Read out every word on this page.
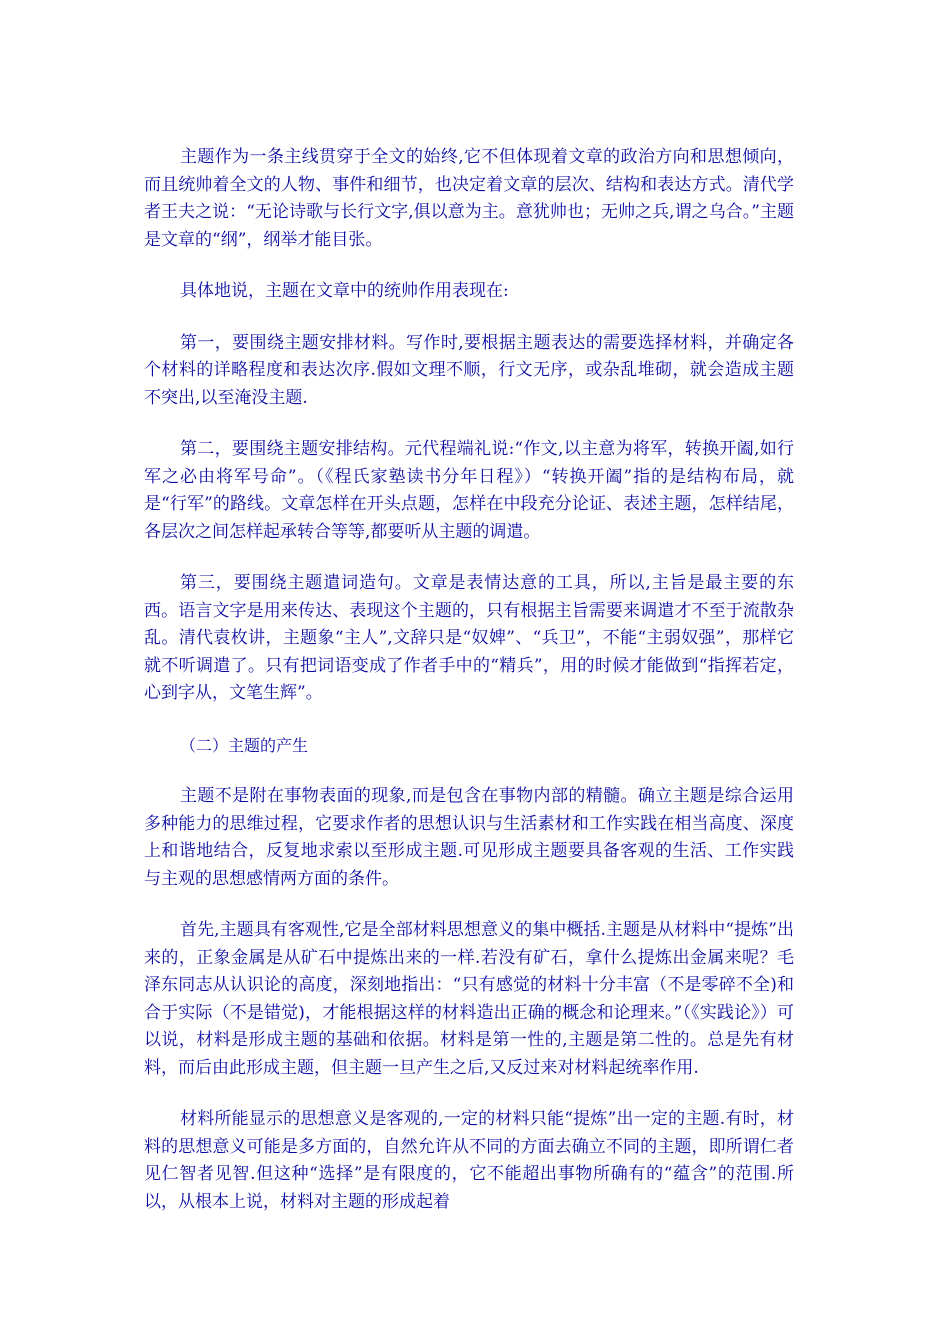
主题作为一条主线贯穿于全文的始终,它不但体现着文章的政治方向和思想倾向，而且统帅着全文的人物、事件和细节，也决定着文章的层次、结构和表达方式。清代学者王夫之说：“无论诗歌与长行文字,俱以意为主。意犹帅也；无帅之兵,谓之乌合。”主题是文章的“纲”，纲举才能目张。

具体地说，主题在文章中的统帅作用表现在:

第一，要围绕主题安排材料。写作时,要根据主题表达的需要选择材料，并确定各个材料的详略程度和表达次序.假如文理不顺，行文无序，或杂乱堆砌，就会造成主题不突出,以至淹没主题.

第二，要围绕主题安排结构。元代程端礼说:“作文,以主意为将军，转换开阖,如行军之必由将军号命”。（《程氏家塾读书分年日程》）“转换开阖”指的是结构布局，就是“行军”的路线。文章怎样在开头点题，怎样在中段充分论证、表述主题，怎样结尾，各层次之间怎样起承转合等等,都要听从主题的调遣。

第三，要围绕主题遣词造句。文章是表情达意的工具，所以,主旨是最主要的东西。语言文字是用来传达、表现这个主题的，只有根据主旨需要来调遣才不至于流散杂乱。清代袁枚讲，主题象“主人”,文辞只是“奴婢”、“兵卫”，不能“主弱奴强”，那样它就不听调遣了。只有把词语变成了作者手中的“精兵”，用的时候才能做到“指挥若定，心到字从，文笔生辉”。

（二）主题的产生

主题不是附在事物表面的现象,而是包含在事物内部的精髓。确立主题是综合运用多种能力的思维过程，它要求作者的思想认识与生活素材和工作实践在相当高度、深度上和谐地结合，反复地求索以至形成主题.可见形成主题要具备客观的生活、工作实践与主观的思想感情两方面的条件。

首先,主题具有客观性,它是全部材料思想意义的集中概括.主题是从材料中“提炼”出来的，正象金属是从矿石中提炼出来的一样.若没有矿石，拿什么提炼出金属来呢？毛泽东同志从认识论的高度，深刻地指出：“只有感觉的材料十分丰富（不是零碎不全)和合于实际（不是错觉)，才能根据这样的材料造出正确的概念和论理来。”（《实践论》）可以说，材料是形成主题的基础和依据。材料是第一性的,主题是第二性的。总是先有材料，而后由此形成主题，但主题一旦产生之后,又反过来对材料起统率作用.

材料所能显示的思想意义是客观的,一定的材料只能“提炼”出一定的主题.有时，材料的思想意义可能是多方面的，自然允许从不同的方面去确立不同的主题，即所谓仁者见仁智者见智.但这种“选择”是有限度的，它不能超出事物所确有的“蕴含”的范围.所以，从根本上说，材料对主题的形成起着
